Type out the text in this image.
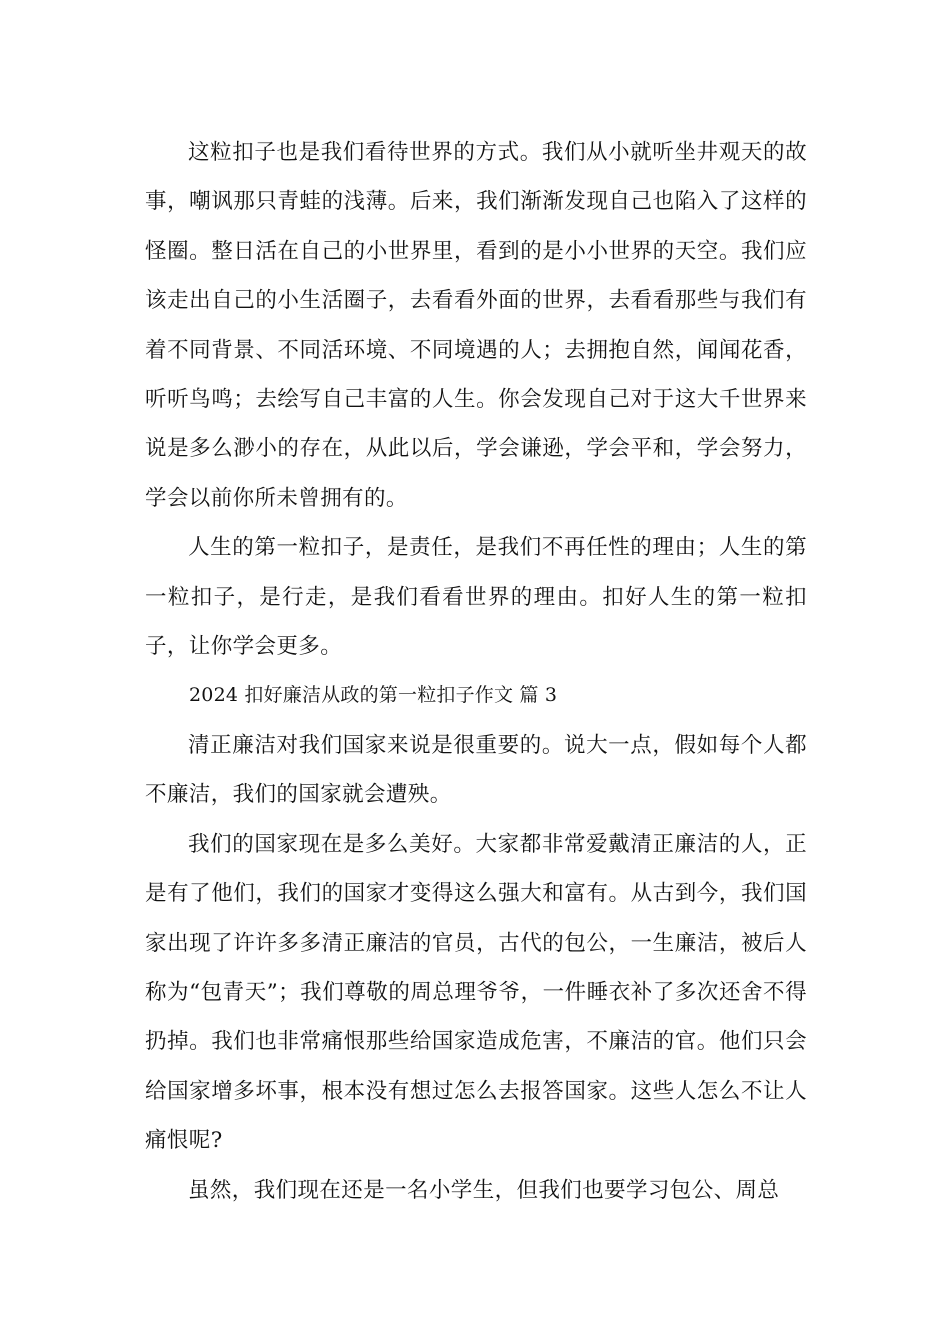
这粒扣子也是我们看待世界的方式。我们从小就听坐井观天的故事，嘲讽那只青蛙的浅薄。后来，我们渐渐发现自己也陷入了这样的怪圈。整日活在自己的小世界里，看到的是小小世界的天空。我们应该走出自己的小生活圈子，去看看外面的世界，去看看那些与我们有着不同背景、不同活环境、不同境遇的人；去拥抱自然，闻闻花香，听听鸟鸣；去绘写自己丰富的人生。你会发现自己对于这大千世界来说是多么渺小的存在，从此以后，学会谦逊，学会平和，学会努力，学会以前你所未曾拥有的。

人生的第一粒扣子，是责任，是我们不再任性的理由；人生的第一粒扣子，是行走，是我们看看世界的理由。扣好人生的第一粒扣子，让你学会更多。

2024 扣好廉洁从政的第一粒扣子作文 篇 3

清正廉洁对我们国家来说是很重要的。说大一点，假如每个人都不廉洁，我们的国家就会遭殃。

我们的国家现在是多么美好。大家都非常爱戴清正廉洁的人，正是有了他们，我们的国家才变得这么强大和富有。从古到今，我们国家出现了许许多多清正廉洁的官员，古代的包公，一生廉洁，被后人称为“包青天”；我们尊敬的周总理爷爷，一件睡衣补了多次还舍不得扔掉。我们也非常痛恨那些给国家造成危害，不廉洁的官。他们只会给国家增多坏事，根本没有想过怎么去报答国家。这些人怎么不让人痛恨呢?

虽然，我们现在还是一名小学生，但我们也要学习包公、周总
